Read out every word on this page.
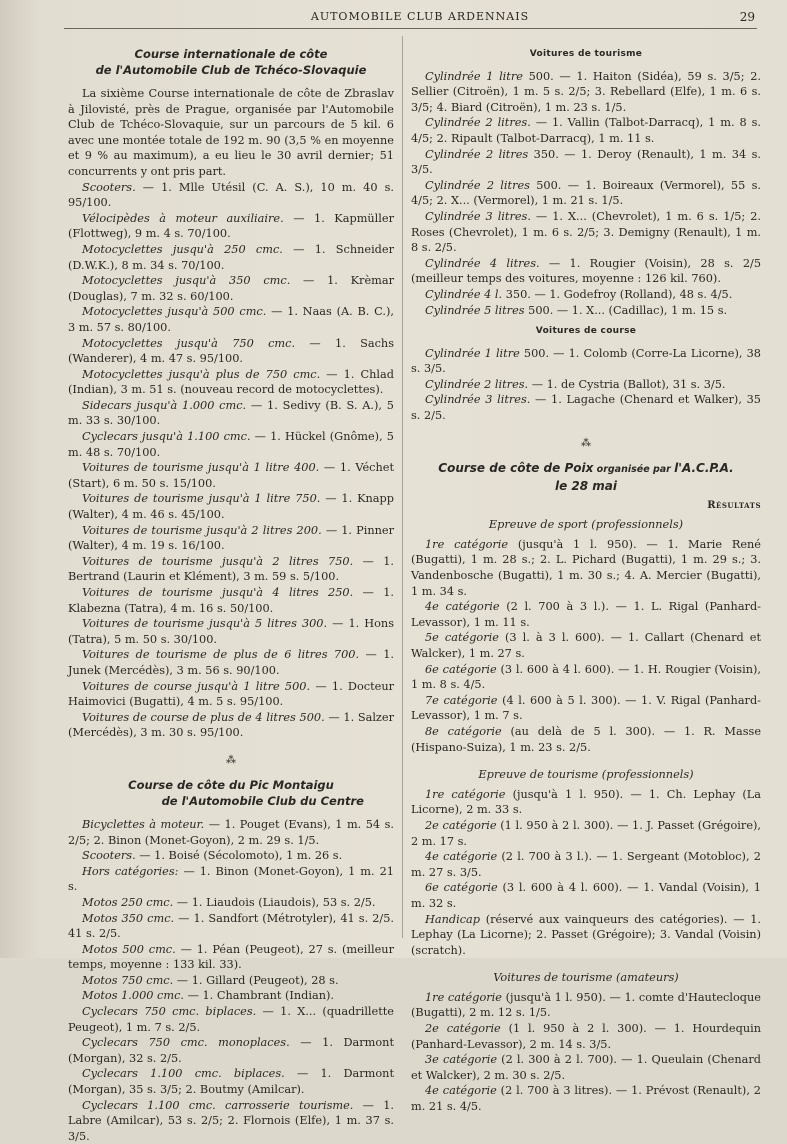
AUTOMOBILE CLUB ARDENNAIS	29
Course internationale de côte
de l'Automobile Club de Tchéco-Slovaquie

La sixième Course internationale de côte de Zbraslav à Jilovisté, près de Prague, organisée par l'Automobile Club de Tchéco-Slovaquie, sur un parcours de 5 kil. 6 avec une montée totale de 192 m. 90 (3,5 % en moyenne et 9 % au maximum), a eu lieu le 30 avril dernier; 51 concurrents y ont pris part.

Scooters. — 1. Mlle Utésil (C. A. S.), 10 m. 40 s. 95/100.

Vélocipèdes à moteur auxiliaire. — 1. Kapmüller (Flottweg), 9 m. 4 s. 70/100.

Motocyclettes jusqu'à 250 cmc. — 1. Schneider (D.W.K.), 8 m. 34 s. 70/100.

Motocyclettes jusqu'à 350 cmc. — 1. Krèmar (Douglas), 7 m. 32 s. 60/100.

Motocyclettes jusqu'à 500 cmc. — 1. Naas (A. B. C.), 3 m. 57 s. 80/100.

Motocyclettes jusqu'à 750 cmc. — 1. Sachs (Wanderer), 4 m. 47 s. 95/100.

Motocyclettes jusqu'à plus de 750 cmc. — 1. Chlad (Indian), 3 m. 51 s. (nouveau record de motocyclettes).

Sidecars jusqu'à 1.000 cmc. — 1. Sedivy (B. S. A.), 5 m. 33 s. 30/100.

Cyclecars jusqu'à 1.100 cmc. — 1. Hückel (Gnôme), 5 m. 48 s. 70/100.

Voitures de tourisme jusqu'à 1 litre 400. — 1. Véchet (Start), 6 m. 50 s. 15/100.

Voitures de tourisme jusqu'à 1 litre 750. — 1. Knapp (Walter), 4 m. 46 s. 45/100.

Voitures de tourisme jusqu'à 2 litres 200. — 1. Pinner (Walter), 4 m. 19 s. 16/100.

Voitures de tourisme jusqu'à 2 litres 750. — 1. Bertrand (Laurin et Klément), 3 m. 59 s. 5/100.

Voitures de tourisme jusqu'à 4 litres 250. — 1. Klabezna (Tatra), 4 m. 16 s. 50/100.

Voitures de tourisme jusqu'à 5 litres 300. — 1. Hons (Tatra), 5 m. 50 s. 30/100.

Voitures de tourisme de plus de 6 litres 700. — 1. Junek (Mercédès), 3 m. 56 s. 90/100.

Voitures de course jusqu'à 1 litre 500. — 1. Docteur Haimovici (Bugatti), 4 m. 5 s. 95/100.

Voitures de course de plus de 4 litres 500. — 1. Salzer (Mercédès), 3 m. 30 s. 95/100.

⁂
Course de côte du Pic Montaigu
de l'Automobile Club du Centre

Bicyclettes à moteur. — 1. Pouget (Evans), 1 m. 54 s. 2/5; 2. Binon (Monet-Goyon), 2 m. 29 s. 1/5.

Scooters. — 1. Boisé (Sécolomoto), 1 m. 26 s.

Hors catégories: — 1. Binon (Monet-Goyon), 1 m. 21 s.

Motos 250 cmc. — 1. Liaudois (Liaudois), 53 s. 2/5.

Motos 350 cmc. — 1. Sandfort (Métrotyler), 41 s. 2/5. 41 s. 2/5.

Motos 500 cmc. — 1. Péan (Peugeot), 27 s. (meilleur temps, moyenne : 133 kil. 33).

Motos 750 cmc. — 1. Gillard (Peugeot), 28 s.

Motos 1.000 cmc. — 1. Chambrant (Indian).

Cyclecars 750 cmc. biplaces. — 1. X... (quadrillette Peugeot), 1 m. 7 s. 2/5.

Cyclecars 750 cmc. monoplaces. — 1. Darmont (Morgan), 32 s. 2/5.

Cyclecars 1.100 cmc. biplaces. — 1. Darmont (Morgan), 35 s. 3/5; 2. Boutmy (Amilcar).

Cyclecars 1.100 cmc. carrosserie tourisme. — 1. Labre (Amilcar), 53 s. 2/5; 2. Flornois (Elfe), 1 m. 37 s. 3/5.

Voitures de tourisme

Cylindrée 1 litre 500. — 1. Haiton (Sidéa), 59 s. 3/5; 2. Sellier (Citroën), 1 m. 5 s. 2/5; 3. Rebellard (Elfe), 1 m. 6 s. 3/5; 4. Biard (Citroën), 1 m. 23 s. 1/5.

Cylindrée 2 litres. — 1. Vallin (Talbot-Darracq), 1 m. 8 s. 4/5; 2. Ripault (Talbot-Darracq), 1 m. 11 s.

Cylindrée 2 litres 350. — 1. Deroy (Renault), 1 m. 34 s. 3/5.

Cylindrée 2 litres 500. — 1. Boireaux (Vermorel), 55 s. 4/5; 2. X... (Vermorel), 1 m. 21 s. 1/5.

Cylindrée 3 litres. — 1. X... (Chevrolet), 1 m. 6 s. 1/5; 2. Roses (Chevrolet), 1 m. 6 s. 2/5; 3. Demigny (Renault), 1 m. 8 s. 2/5.

Cylindrée 4 litres. — 1. Rougier (Voisin), 28 s. 2/5 (meilleur temps des voitures, moyenne : 126 kil. 760).

Cylindrée 4 l. 350. — 1. Godefroy (Rolland), 48 s. 4/5.

Cylindrée 5 litres 500. — 1. X... (Cadillac), 1 m. 15 s.

Voitures de course

Cylindrée 1 litre 500. — 1. Colomb (Corre-La Licorne), 38 s. 3/5.

Cylindrée 2 litres. — 1. de Cystria (Ballot), 31 s. 3/5.

Cylindrée 3 litres. — 1. Lagache (Chenard et Walker), 35 s. 2/5.

⁂
Course de côte de Poix organisée par l'A.C.P.A.
le 28 mai
Résultats
Epreuve de sport (professionnels)

1re catégorie (jusqu'à 1 l. 950). — 1. Marie René (Bugatti), 1 m. 28 s.; 2. L. Pichard (Bugatti), 1 m. 29 s.; 3. Vandenbosche (Bugatti), 1 m. 30 s.; 4. A. Mercier (Bugatti), 1 m. 34 s.

4e catégorie (2 l. 700 à 3 l.). — 1. L. Rigal (Panhard-Levassor), 1 m. 11 s.

5e catégorie (3 l. à 3 l. 600). — 1. Callart (Chenard et Walcker), 1 m. 27 s.

6e catégorie (3 l. 600 à 4 l. 600). — 1. H. Rougier (Voisin), 1 m. 8 s. 4/5.

7e catégorie (4 l. 600 à 5 l. 300). — 1. V. Rigal (Panhard-Levassor), 1 m. 7 s.

8e catégorie (au delà de 5 l. 300). — 1. R. Masse (Hispano-Suiza), 1 m. 23 s. 2/5.

Epreuve de tourisme (professionnels)

1re catégorie (jusqu'à 1 l. 950). — 1. Ch. Lephay (La Licorne), 2 m. 33 s.

2e catégorie (1 l. 950 à 2 l. 300). — 1. J. Passet (Grégoire), 2 m. 17 s.

4e catégorie (2 l. 700 à 3 l.). — 1. Sergeant (Motobloc), 2 m. 27 s. 3/5.

6e catégorie (3 l. 600 à 4 l. 600). — 1. Vandal (Voisin), 1 m. 32 s.

Handicap (réservé aux vainqueurs des catégories). — 1. Lephay (La Licorne); 2. Passet (Grégoire); 3. Vandal (Voisin) (scratch).

Voitures de tourisme (amateurs)

1re catégorie (jusqu'à 1 l. 950). — 1. comte d'Hautecloque (Bugatti), 2 m. 12 s. 1/5.

2e catégorie (1 l. 950 à 2 l. 300). — 1. Hourdequin (Panhard-Levassor), 2 m. 14 s. 3/5.

3e catégorie (2 l. 300 à 2 l. 700). — 1. Queulain (Chenard et Walcker), 2 m. 30 s. 2/5.

4e catégorie (2 l. 700 à 3 litres). — 1. Prévost (Renault), 2 m. 21 s. 4/5.
